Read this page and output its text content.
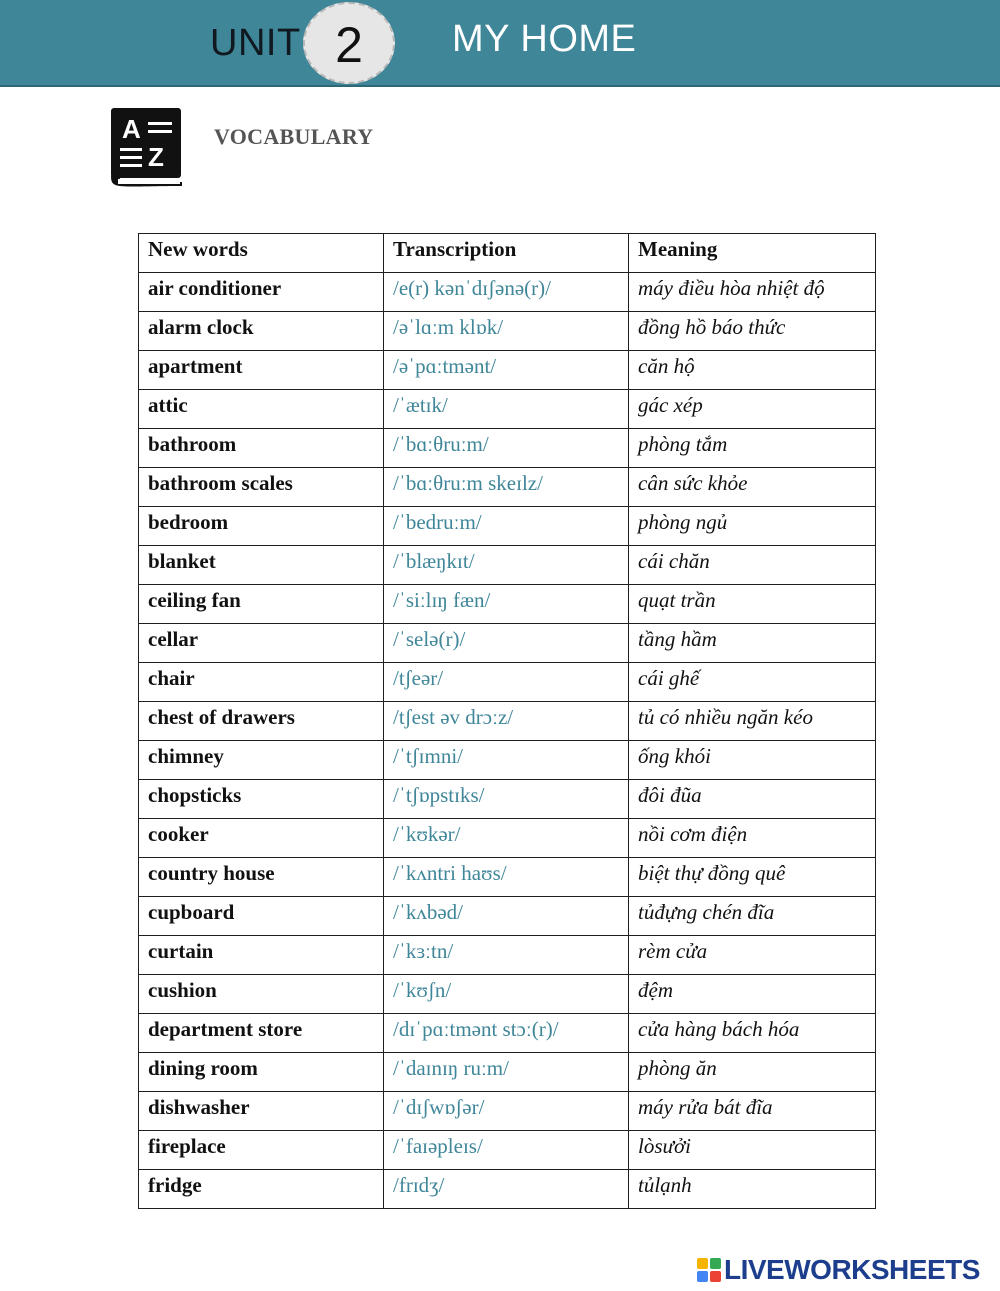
UNIT 2 MY HOME
A
Z
VOCABULARY
New words	Transcription	Meaning
air conditioner	/e(r) kənˈdɪʃənə(r)/	máy điều hòa nhiệt độ
alarm clock	/əˈlɑːm klɒk/	đồng hồ báo thức
apartment	/əˈpɑːtmənt/	căn hộ
attic	/ˈætɪk/	gác xép
bathroom	/ˈbɑːθruːm/	phòng tắm
bathroom scales	/ˈbɑːθruːm skeɪlz/	cân sức khỏe
bedroom	/ˈbedruːm/	phòng ngủ
blanket	/ˈblæŋkɪt/	cái chăn
ceiling fan	/ˈsiːlɪŋ fæn/	quạt trần
cellar	/ˈselə(r)/	tầng hầm
chair	/tʃeər/	cái ghế
chest of drawers	/tʃest əv drɔːz/	tủ có nhiều ngăn kéo
chimney	/ˈtʃɪmni/	ống khói
chopsticks	/ˈtʃɒpstɪks/	đôi đũa
cooker	/ˈkʊkər/	nồi cơm điện
country house	/ˈkʌntri haʊs/	biệt thự đồng quê
cupboard	/ˈkʌbəd/	tủđựng chén đĩa
curtain	/ˈkɜːtn/	rèm cửa
cushion	/ˈkʊʃn/	đệm
department store	/dɪˈpɑːtmənt stɔː(r)/	cửa hàng bách hóa
dining room	/ˈdaɪnɪŋ ruːm/	phòng ăn
dishwasher	/ˈdɪʃwɒʃər/	máy rửa bát đĩa
fireplace	/ˈfaɪəpleɪs/	lòsưởi
fridge	/frɪdʒ/	tủlạnh
LIVEWORKSHEETS
